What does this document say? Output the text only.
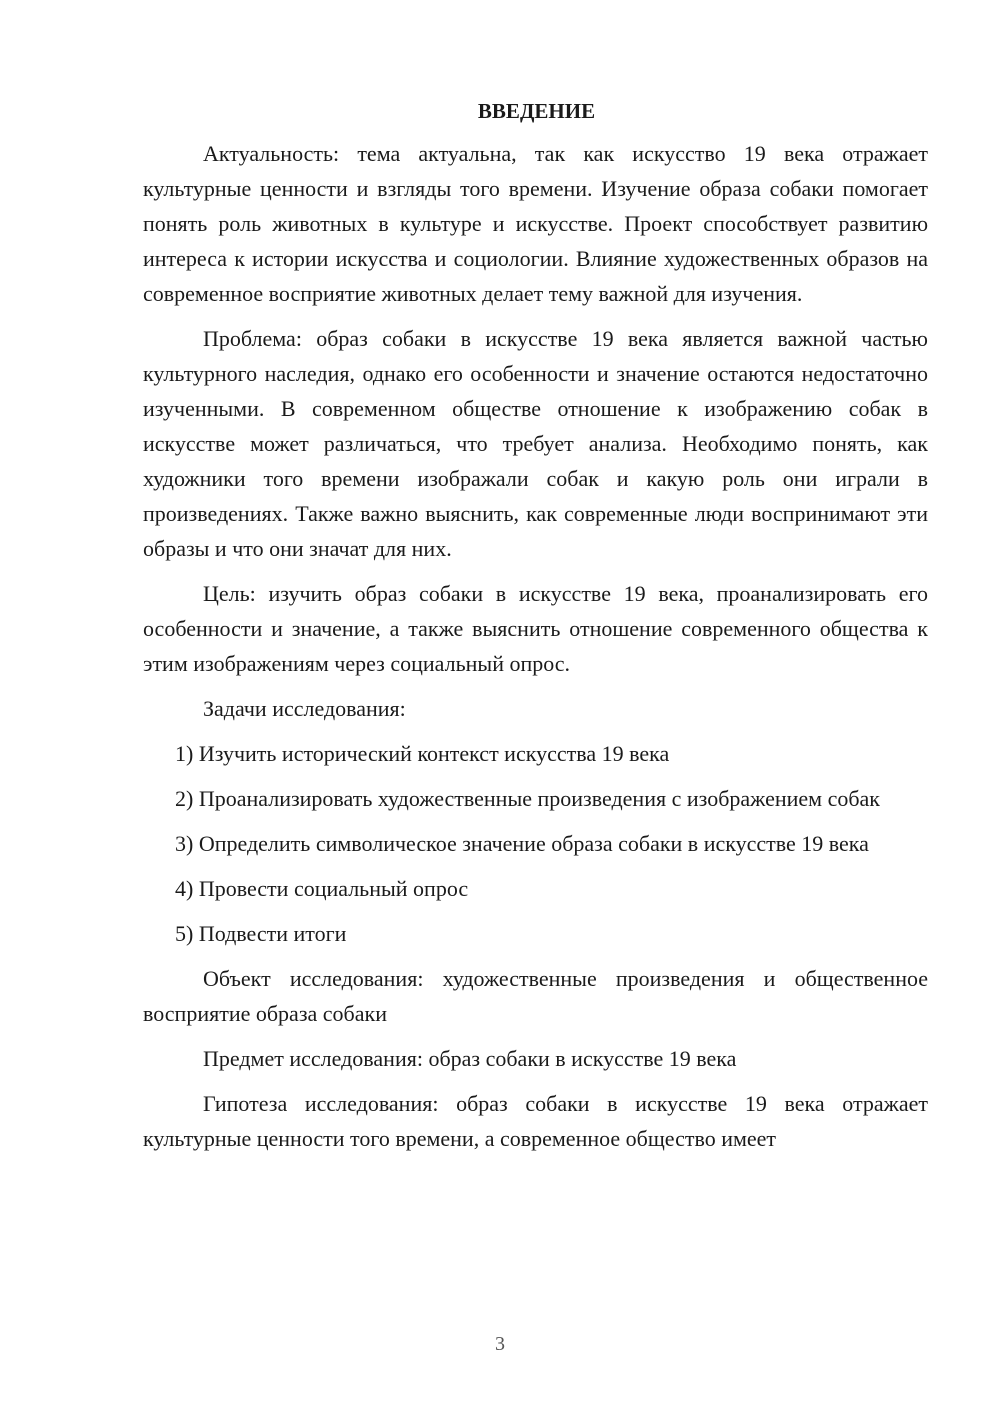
ВВЕДЕНИЕ

Актуальность: тема актуальна, так как искусство 19 века отражает культурные ценности и взгляды того времени. Изучение образа собаки помогает понять роль животных в культуре и искусстве. Проект способствует развитию интереса к истории искусства и социологии. Влияние художественных образов на современное восприятие животных делает тему важной для изучения.

Проблема: образ собаки в искусстве 19 века является важной частью культурного наследия, однако его особенности и значение остаются недостаточно изученными. В современном обществе отношение к изображению собак в искусстве может различаться, что требует анализа. Необходимо понять, как художники того времени изображали собак и какую роль они играли в произведениях. Также важно выяснить, как современные люди воспринимают эти образы и что они значат для них.

Цель: изучить образ собаки в искусстве 19 века, проанализировать его особенности и значение, а также выяснить отношение современного общества к этим изображениям через социальный опрос.

Задачи исследования:

1) Изучить исторический контекст искусства 19 века

2) Проанализировать художественные произведения с изображением собак

3) Определить символическое значение образа собаки в искусстве 19 века

4) Провести социальный опрос

5) Подвести итоги

Объект исследования: художественные произведения и общественное восприятие образа собаки

Предмет исследования: образ собаки в искусстве 19 века

Гипотеза исследования: образ собаки в искусстве 19 века отражает культурные ценности того времени, а современное общество имеет

3
